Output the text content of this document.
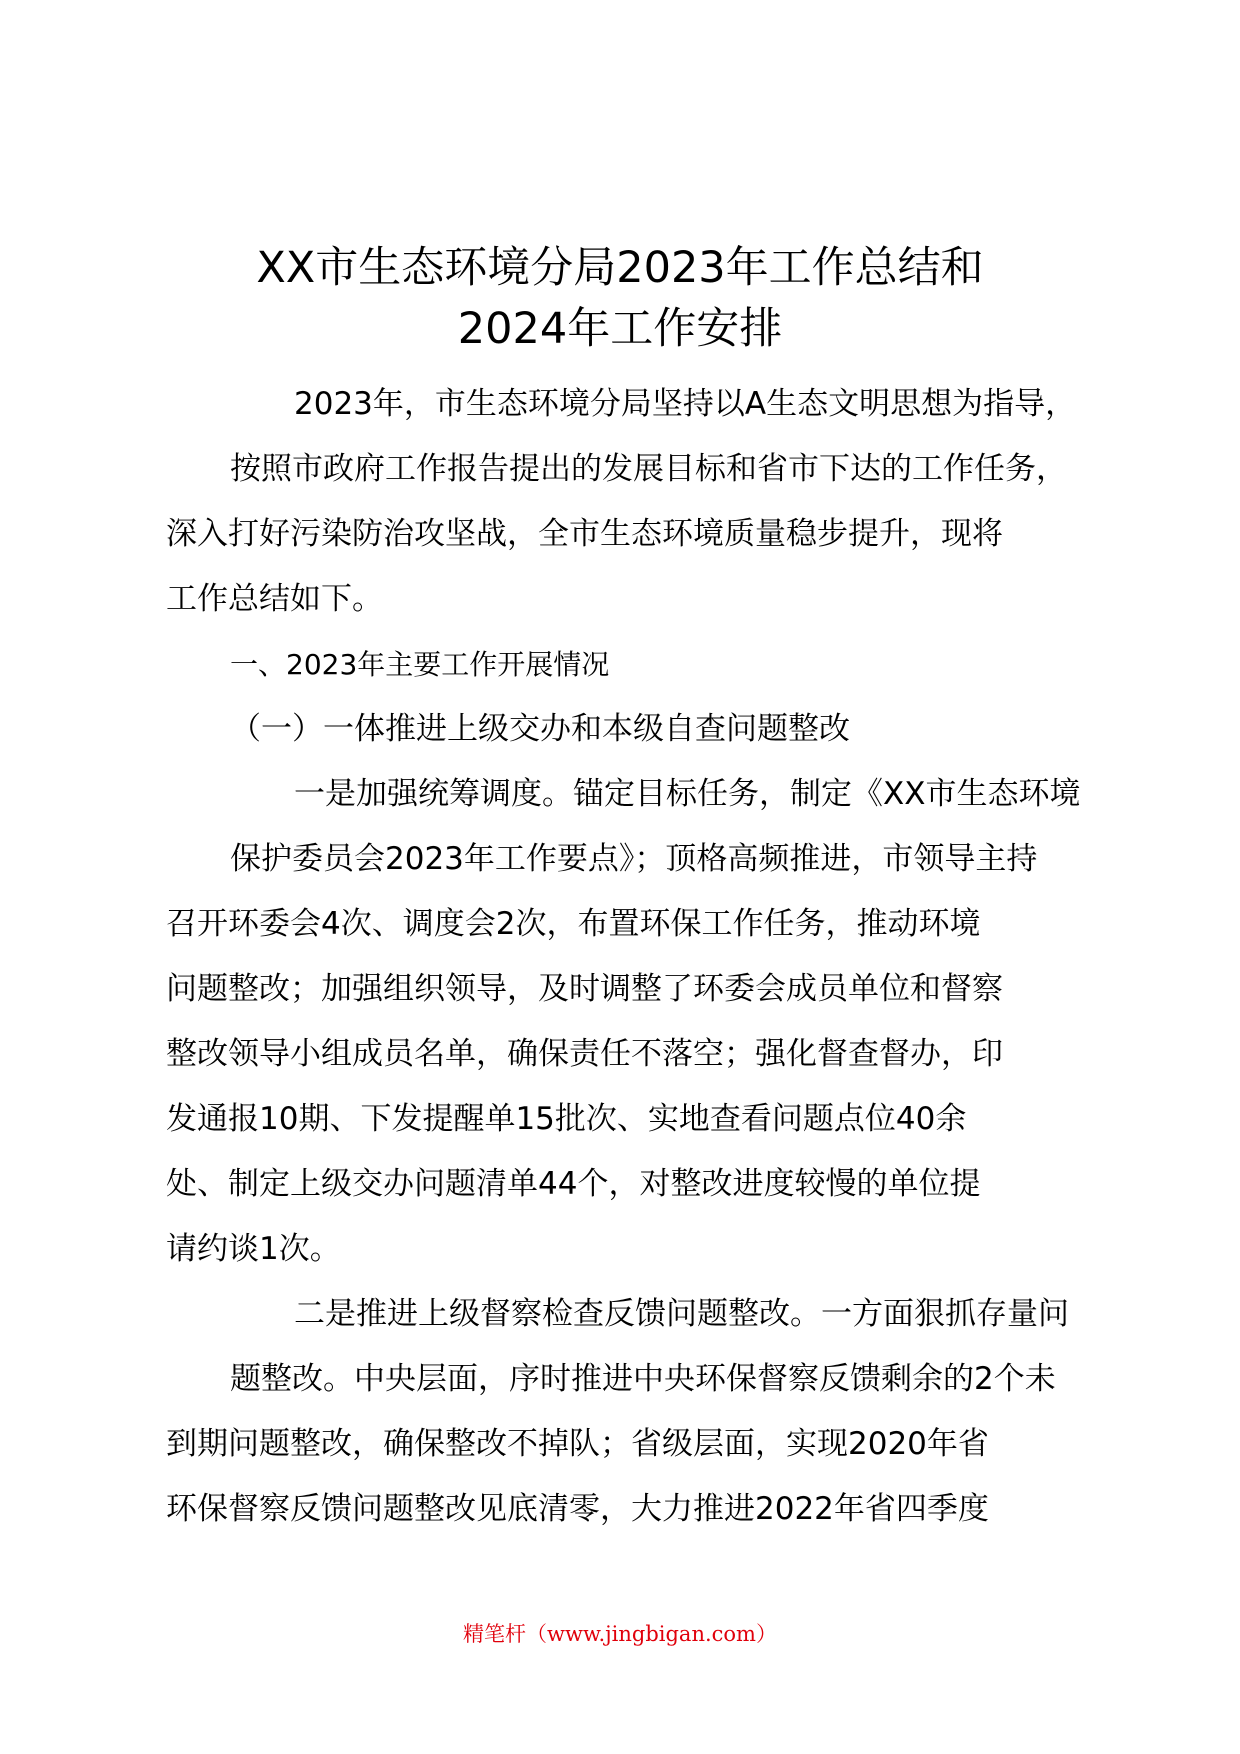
XX市生态环境分局2023年工作总结和
2024年工作安排

2023年，市生态环境分局坚持以A生态文明思想为指导，
按照市政府工作报告提出的发展目标和省市下达的工作任务，
深入打好污染防治攻坚战，全市生态环境质量稳步提升，现将
工作总结如下。

一、2023年主要工作开展情况

（一）一体推进上级交办和本级自查问题整改

一是加强统筹调度。锚定目标任务，制定《XX市生态环境
保护委员会2023年工作要点》；顶格高频推进，市领导主持
召开环委会4次、调度会2次，布置环保工作任务，推动环境
问题整改；加强组织领导，及时调整了环委会成员单位和督察
整改领导小组成员名单，确保责任不落空；强化督查督办，印
发通报10期、下发提醒单15批次、实地查看问题点位40余
处、制定上级交办问题清单44个，对整改进度较慢的单位提
请约谈1次。

二是推进上级督察检查反馈问题整改。一方面狠抓存量问
题整改。中央层面，序时推进中央环保督察反馈剩余的2个未
到期问题整改，确保整改不掉队；省级层面，实现2020年省
环保督察反馈问题整改见底清零，大力推进2022年省四季度

精笔杆（www.jingbigan.com）
